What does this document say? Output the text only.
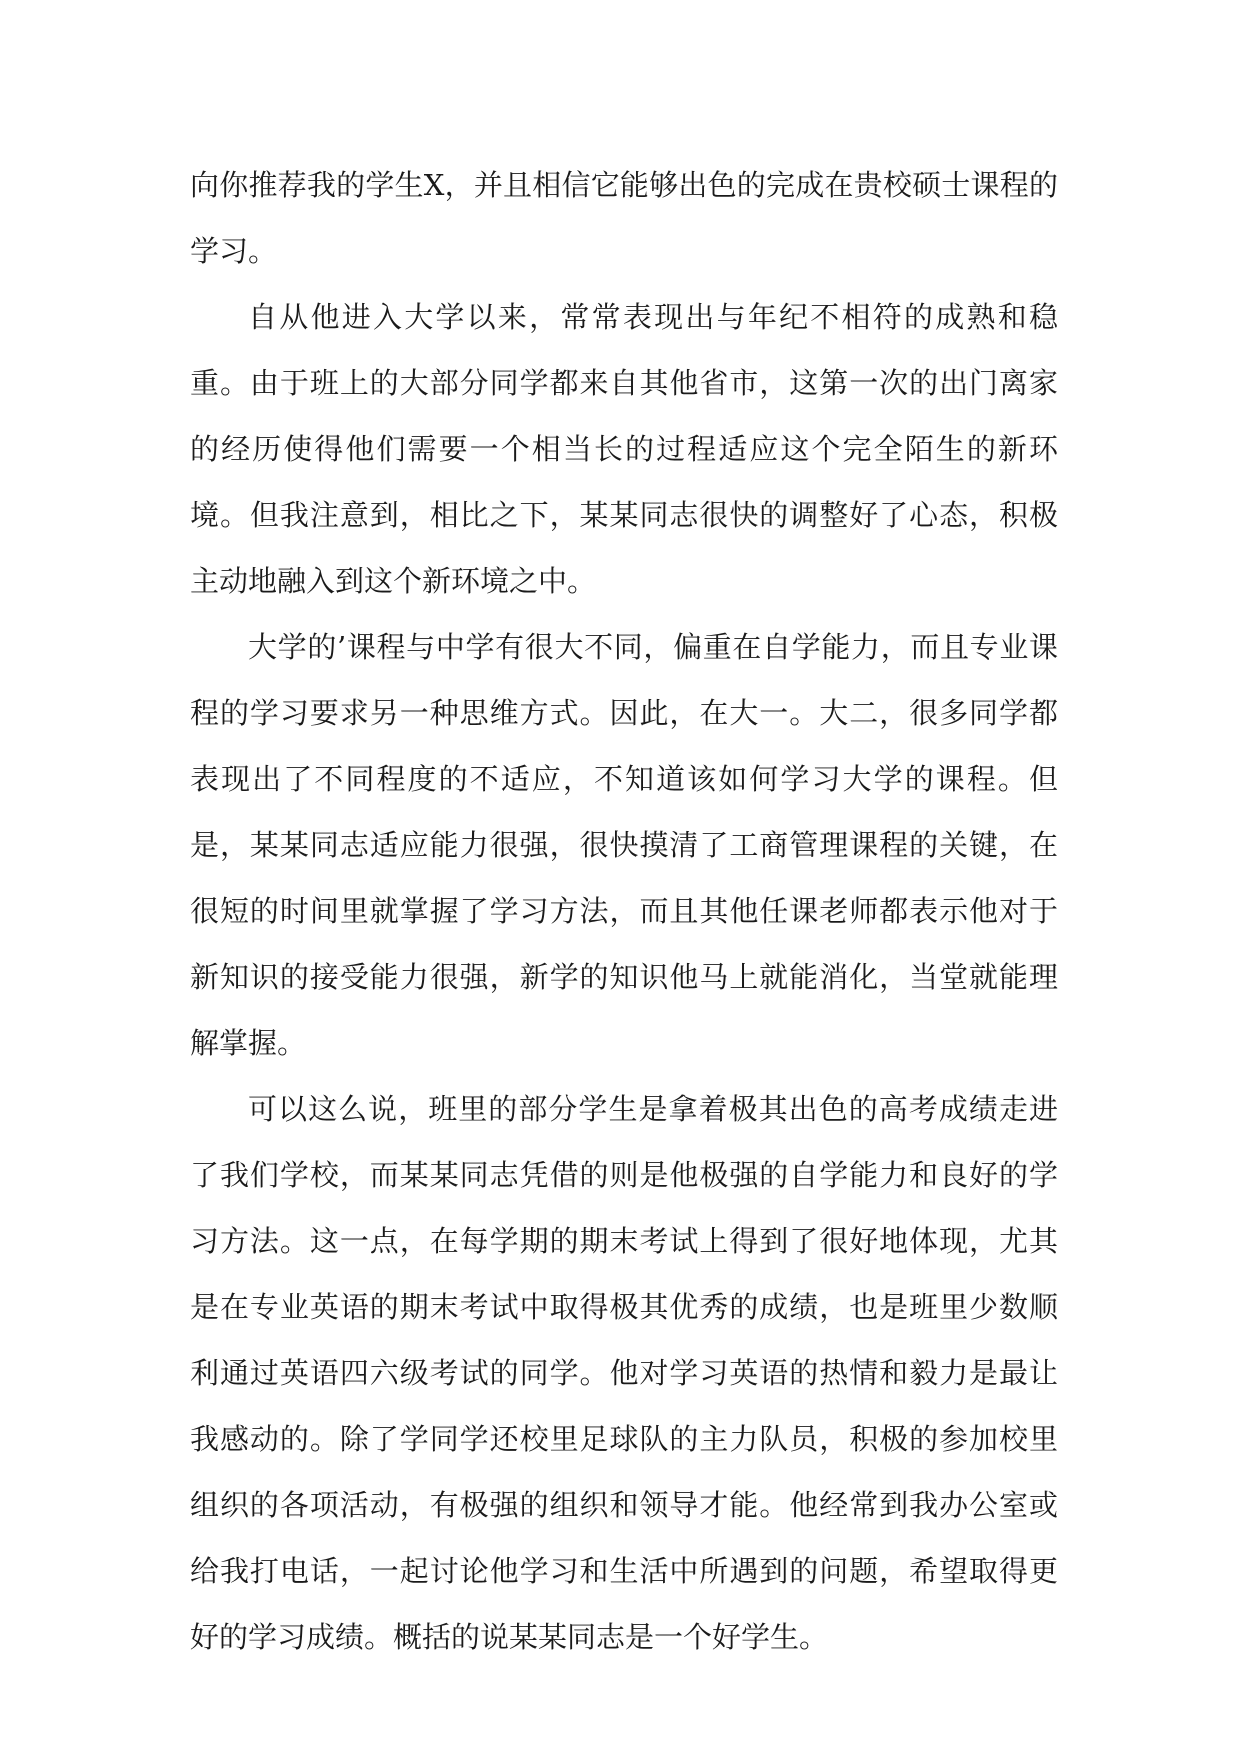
向你推荐我的学生X，并且相信它能够出色的完成在贵校硕士课程的学习。

自从他进入大学以来，常常表现出与年纪不相符的成熟和稳重。由于班上的大部分同学都来自其他省市，这第一次的出门离家的经历使得他们需要一个相当长的过程适应这个完全陌生的新环境。但我注意到，相比之下，某某同志很快的调整好了心态，积极主动地融入到这个新环境之中。

大学的’课程与中学有很大不同，偏重在自学能力，而且专业课程的学习要求另一种思维方式。因此，在大一。大二，很多同学都表现出了不同程度的不适应，不知道该如何学习大学的课程。但是，某某同志适应能力很强，很快摸清了工商管理课程的关键，在很短的时间里就掌握了学习方法，而且其他任课老师都表示他对于新知识的接受能力很强，新学的知识他马上就能消化，当堂就能理解掌握。

可以这么说，班里的部分学生是拿着极其出色的高考成绩走进了我们学校，而某某同志凭借的则是他极强的自学能力和良好的学习方法。这一点，在每学期的期末考试上得到了很好地体现，尤其是在专业英语的期末考试中取得极其优秀的成绩，也是班里少数顺利通过英语四六级考试的同学。他对学习英语的热情和毅力是最让我感动的。除了学同学还校里足球队的主力队员，积极的参加校里组织的各项活动，有极强的组织和领导才能。他经常到我办公室或给我打电话，一起讨论他学习和生活中所遇到的问题，希望取得更好的学习成绩。概括的说某某同志是一个好学生。
